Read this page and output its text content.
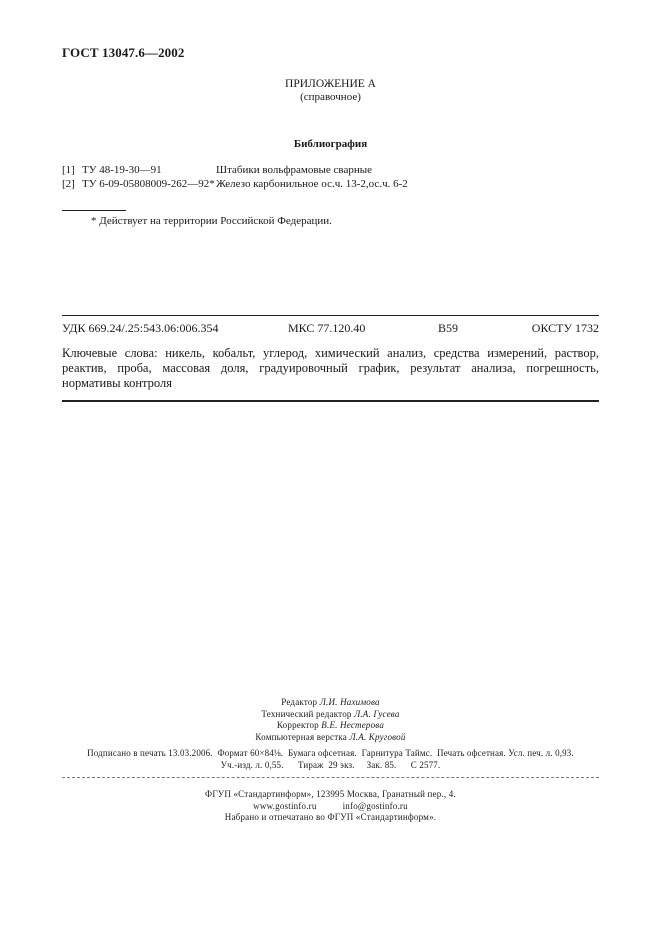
ГОСТ 13047.6—2002
ПРИЛОЖЕНИЕ А
(справочное)
Библиография
[1] ТУ 48-19-30—91	Штабики вольфрамовые сварные
[2] ТУ 6-09-05808009-262—92* Железо карбонильное ос.ч. 13-2,ос.ч. 6-2
* Действует на территории Российской Федерации.
УДК 669.24/.25:543.06:006.354	МКС 77.120.40	В59	ОКСТУ 1732
Ключевые слова: никель, кобальт, углерод, химический анализ, средства измерений, раствор, реактив, проба, массовая доля, градуировочный график, результат анализа, погрешность, нормативы контроля
Редактор Л.И. Нахимова
Технический редактор Л.А. Гусева
Корректор В.Е. Нестерова
Компьютерная верстка Л.А. Круговой
Подписано в печать 13.03.2006.  Формат 60×84⅛.  Бумага офсетная.  Гарнитура Таймс.  Печать офсетная. Усл. печ. л. 0,93.
Уч.-изд. л. 0,55.      Тираж  29 экз.     Зак. 85.      С 2577.
ФГУП «Стандартинформ», 123995 Москва, Гранатный пер., 4.
www.gostinfo.ru	info@gostinfo.ru
Набрано и отпечатано во ФГУП «Стандартинформ».
